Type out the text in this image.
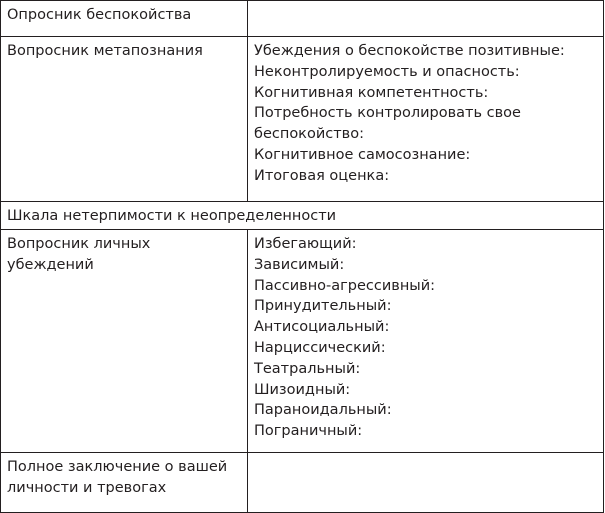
Опросник беспокойства

Вопросник метапознания	Убеждения о беспокойстве позитивные:
Неконтролируемость и опасность:
Когнитивная компетентность:
Потребность контролировать свое беспокойство:
Когнитивное самосознание:
Итоговая оценка:

Шкала нетерпимости к неопределенности

Вопросник личных убеждений

Избегающий:
Зависимый:
Пассивно-агрессивный:
Принудительный:
Антисоциальный:
Нарциссический:
Театральный:
Шизоидный:
Параноидальный:
Пограничный:

Полное заключение о вашей личности и тревогах
